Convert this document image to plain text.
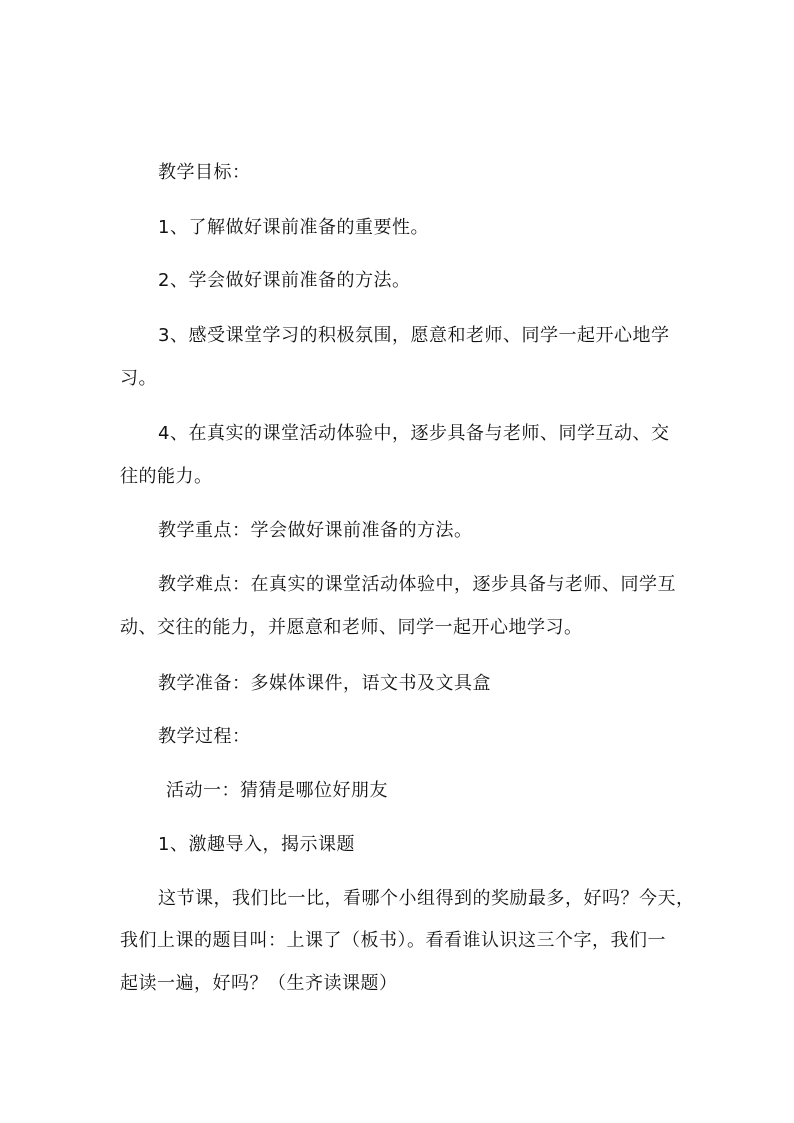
教学目标：
1、了解做好课前准备的重要性。
2、学会做好课前准备的方法。
3、感受课堂学习的积极氛围，愿意和老师、同学一起开心地学
习。
4、在真实的课堂活动体验中，逐步具备与老师、同学互动、交
往的能力。
教学重点：学会做好课前准备的方法。
教学难点：在真实的课堂活动体验中，逐步具备与老师、同学互
动、交往的能力，并愿意和老师、同学一起开心地学习。
教学准备：多媒体课件，语文书及文具盒
教学过程：
活动一：猜猜是哪位好朋友
1、激趣导入，揭示课题
这节课，我们比一比，看哪个小组得到的奖励最多，好吗？今天，
我们上课的题目叫：上课了（板书）。看看谁认识这三个字，我们一
起读一遍，好吗？（生齐读课题）
